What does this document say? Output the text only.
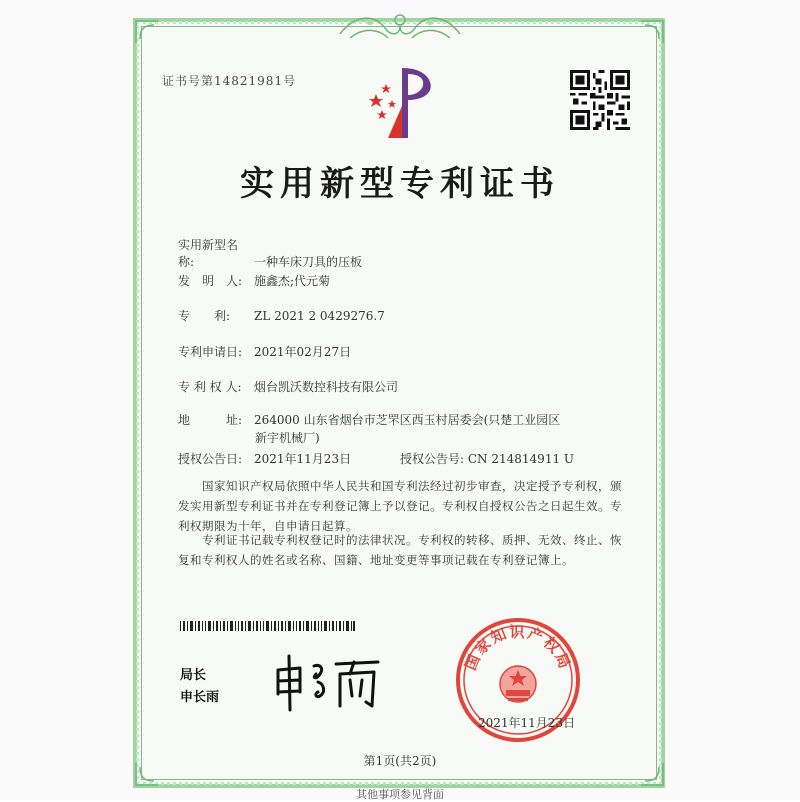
证书号第14821981号
实用新型专利证书
实用新型名称:	一种车床刀具的压板
发　明　人: 施鑫杰;代元菊
专　　利: ZL 2021 2 0429276.7
专利申请日: 2021年02月27日
专 利 权 人: 烟台凯沃数控科技有限公司
地　　　址: 264000 山东省烟台市芝罘区西玉村居委会(只楚工业园区
新宇机械厂)
授权公告日: 2021年11月23日	授权公告号: CN 214814911 U
国家知识产权局依照中华人民共和国专利法经过初步审查，决定授予专利权，颁发实用新型专利证书并在专利登记簿上予以登记。专利权自授权公告之日起生效。专利权期限为十年，自申请日起算。
专利证书记载专利权登记时的法律状况。专利权的转移、质押、无效、终止、恢复和专利权人的姓名或名称、国籍、地址变更等事项记载在专利登记簿上。
局长
申长雨
国家知识产权局
2021年11月23日
第1页(共2页)
其他事项参见背面
